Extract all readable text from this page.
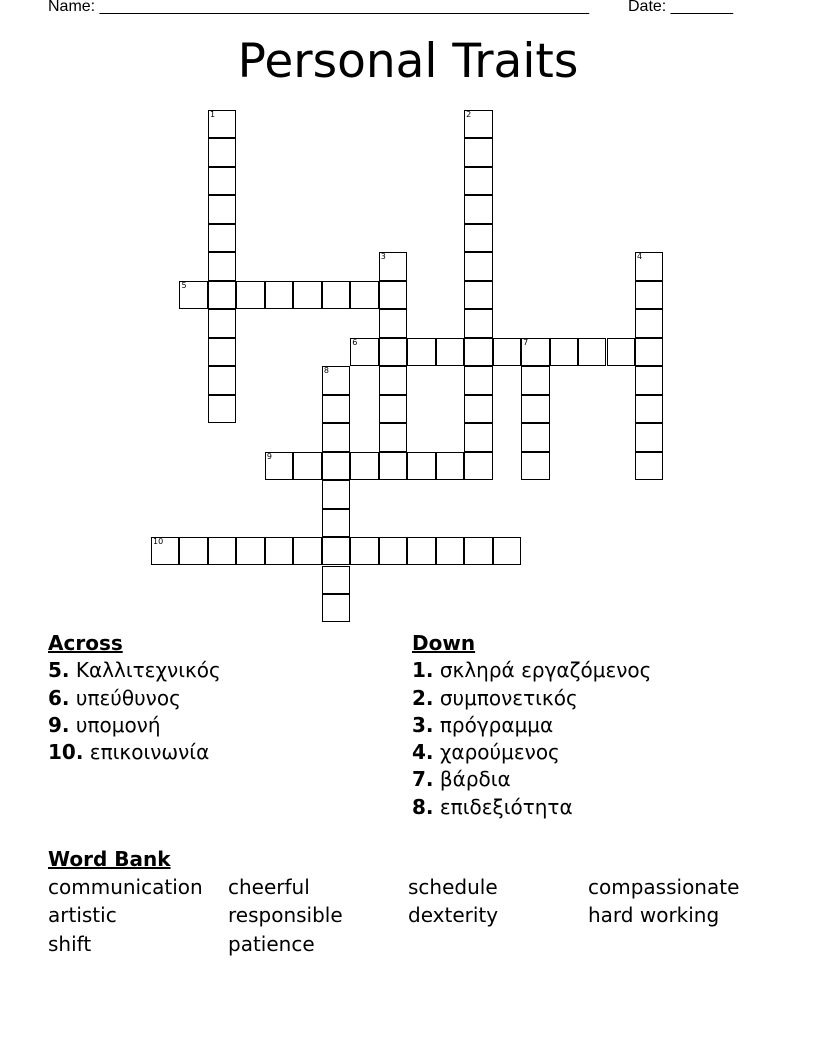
Name: _______________________________________________________ Date: _______
Personal Traits
1	2
3	4
5
6	7
8
9
10
Across
5. Καλλιτεχνικός
6. υπεύθυνος
9. υπομονή
10. επικοινωνία
Down
1. σκληρά εργαζόμενος
2. συμπονετικός
3. πρόγραμμα
4. χαρούμενος
7. βάρδια
8. επιδεξιότητα
Word Bank
communication cheerful	schedule	compassionate
artistic	responsible	dexterity	hard working
shift	patience
